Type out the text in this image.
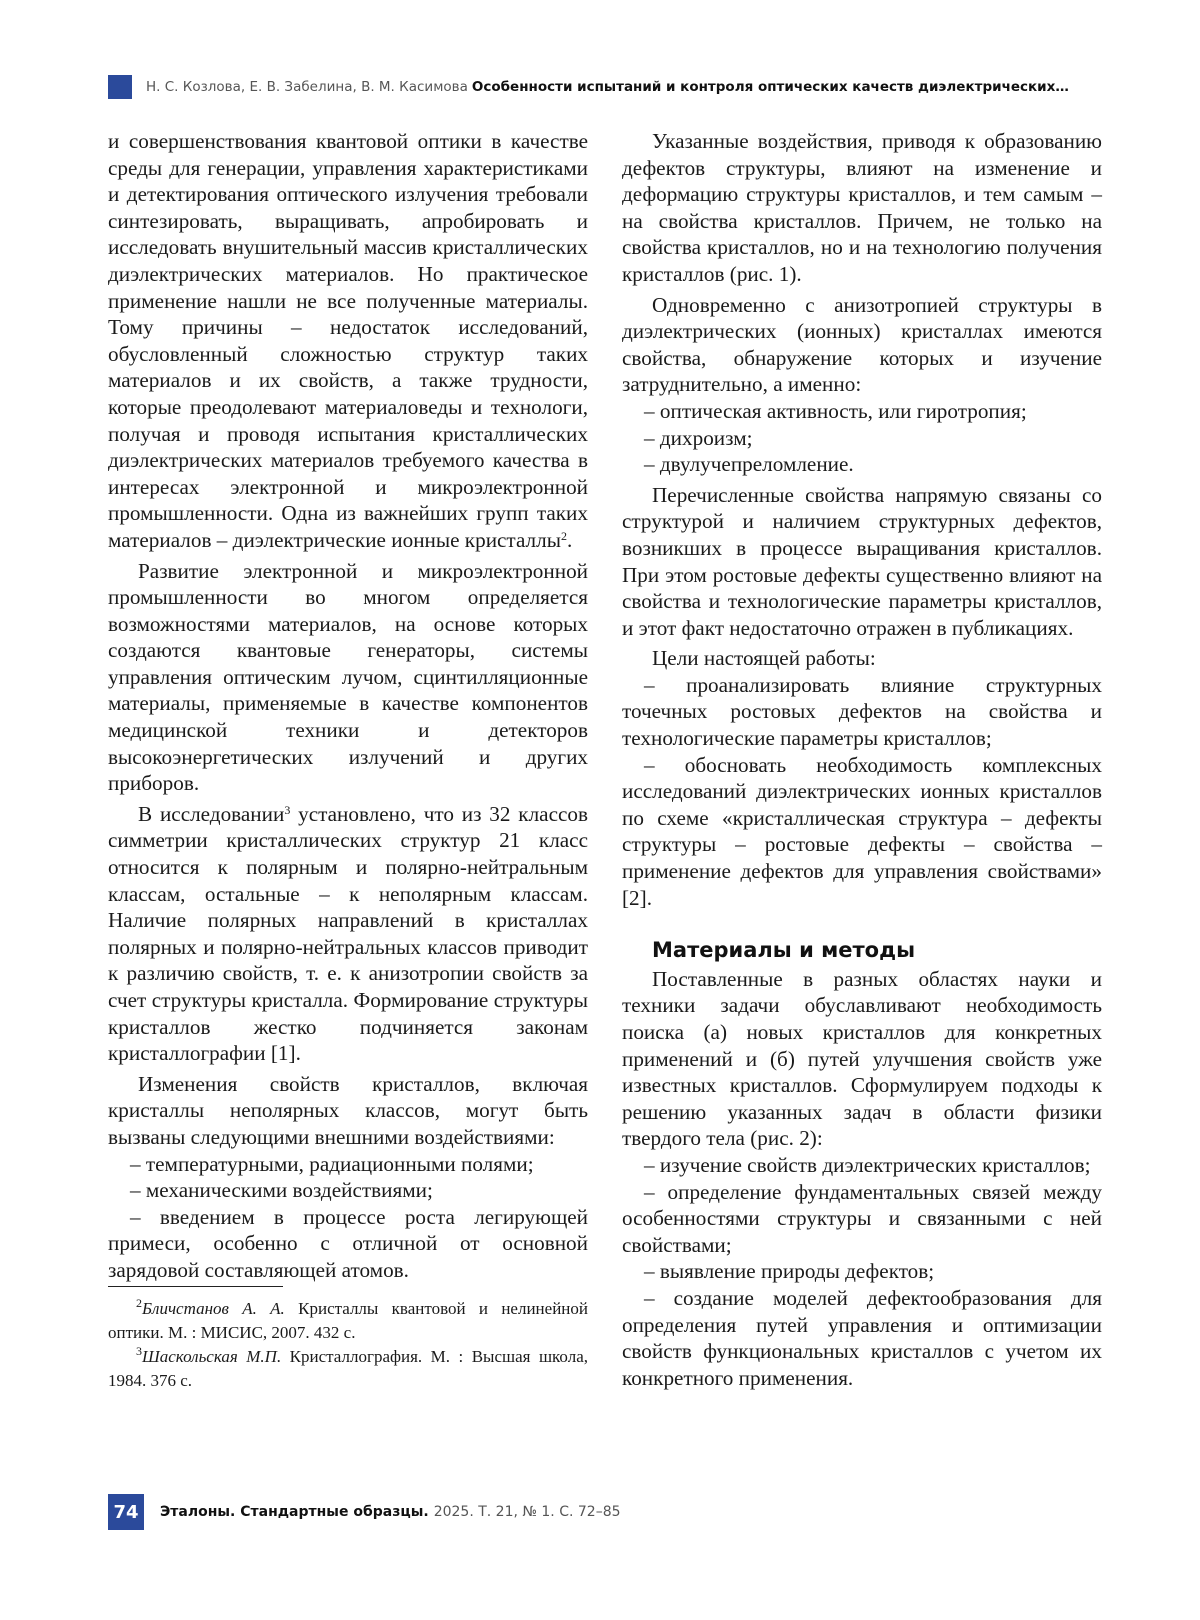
Н. С. Козлова, Е. В. Забелина, В. М. Касимова Особенности испытаний и контроля оптических качеств диэлектрических…

и совершенствования квантовой оптики в качестве среды для генерации, управления характеристиками и детектирования оптического излучения требовали синтезировать, выращивать, апробировать и исследовать внушительный массив кристаллических диэлектрических материалов. Но практическое применение нашли не все полученные материалы. Тому причины – недостаток исследований, обусловленный сложностью структур таких материалов и их свойств, а также трудности, которые преодолевают материаловеды и технологи, получая и проводя испытания кристаллических диэлектрических материалов требуемого качества в интересах электронной и микроэлектронной промышленности. Одна из важнейших групп таких материалов – диэлектрические ионные кристаллы$^2$.

Развитие электронной и микроэлектронной промышленности во многом определяется возможностями материалов, на основе которых создаются квантовые генераторы, системы управления оптическим лучом, сцинтилляционные материалы, применяемые в качестве компонентов медицинской техники и детекторов высокоэнергетических излучений и других приборов.

В исследовании$^3$ установлено, что из 32 классов симметрии кристаллических структур 21 класс относится к полярным и полярно-нейтральным классам, остальные – к неполярным классам. Наличие полярных направлений в кристаллах полярных и полярно-нейтральных классов приводит к различию свойств, т. е. к анизотропии свойств за счет структуры кристалла. Формирование структуры кристаллов жестко подчиняется законам кристаллографии [1].

Изменения свойств кристаллов, включая кристаллы неполярных классов, могут быть вызваны следующими внешними воздействиями:

– температурными, радиационными полями;

– механическими воздействиями;

– введением в процессе роста легирующей примеси, особенно с отличной от основной зарядовой составляющей атомов.

$^2$Бличстанов А. А. Кристаллы квантовой и нелинейной оптики. М. : МИСИС, 2007. 432 с.

$^3$Шаскольская М.П. Кристаллография. М. : Высшая школа, 1984. 376 с.

Указанные воздействия, приводя к образованию дефектов структуры, влияют на изменение и деформацию структуры кристаллов, и тем самым – на свойства кристаллов. Причем, не только на свойства кристаллов, но и на технологию получения кристаллов (рис. 1).

Одновременно с анизотропией структуры в диэлектрических (ионных) кристаллах имеются свойства, обнаружение которых и изучение затруднительно, а именно:

– оптическая активность, или гиротропия;

– дихроизм;

– двулучепреломление.

Перечисленные свойства напрямую связаны со структурой и наличием структурных дефектов, возникших в процессе выращивания кристаллов. При этом ростовые дефекты существенно влияют на свойства и технологические параметры кристаллов, и этот факт недостаточно отражен в публикациях.

Цели настоящей работы:

– проанализировать влияние структурных точечных ростовых дефектов на свойства и технологические параметры кристаллов;

– обосновать необходимость комплексных исследований диэлектрических ионных кристаллов по схеме «кристаллическая структура – дефекты структуры – ростовые дефекты – свойства – применение дефектов для управления свойствами» [2].

Материалы и методы

Поставленные в разных областях науки и техники задачи обуславливают необходимость поиска (а) новых кристаллов для конкретных применений и (б) путей улучшения свойств уже известных кристаллов. Сформулируем подходы к решению указанных задач в области физики твердого тела (рис. 2):

– изучение свойств диэлектрических кристаллов;

– определение фундаментальных связей между особенностями структуры и связанными с ней свойствами;

– выявление природы дефектов;

– создание моделей дефектообразования для определения путей управления и оптимизации свойств функциональных кристаллов с учетом их конкретного применения.

74	Эталоны. Стандартные образцы. 2025. Т. 21, № 1. С. 72–85
